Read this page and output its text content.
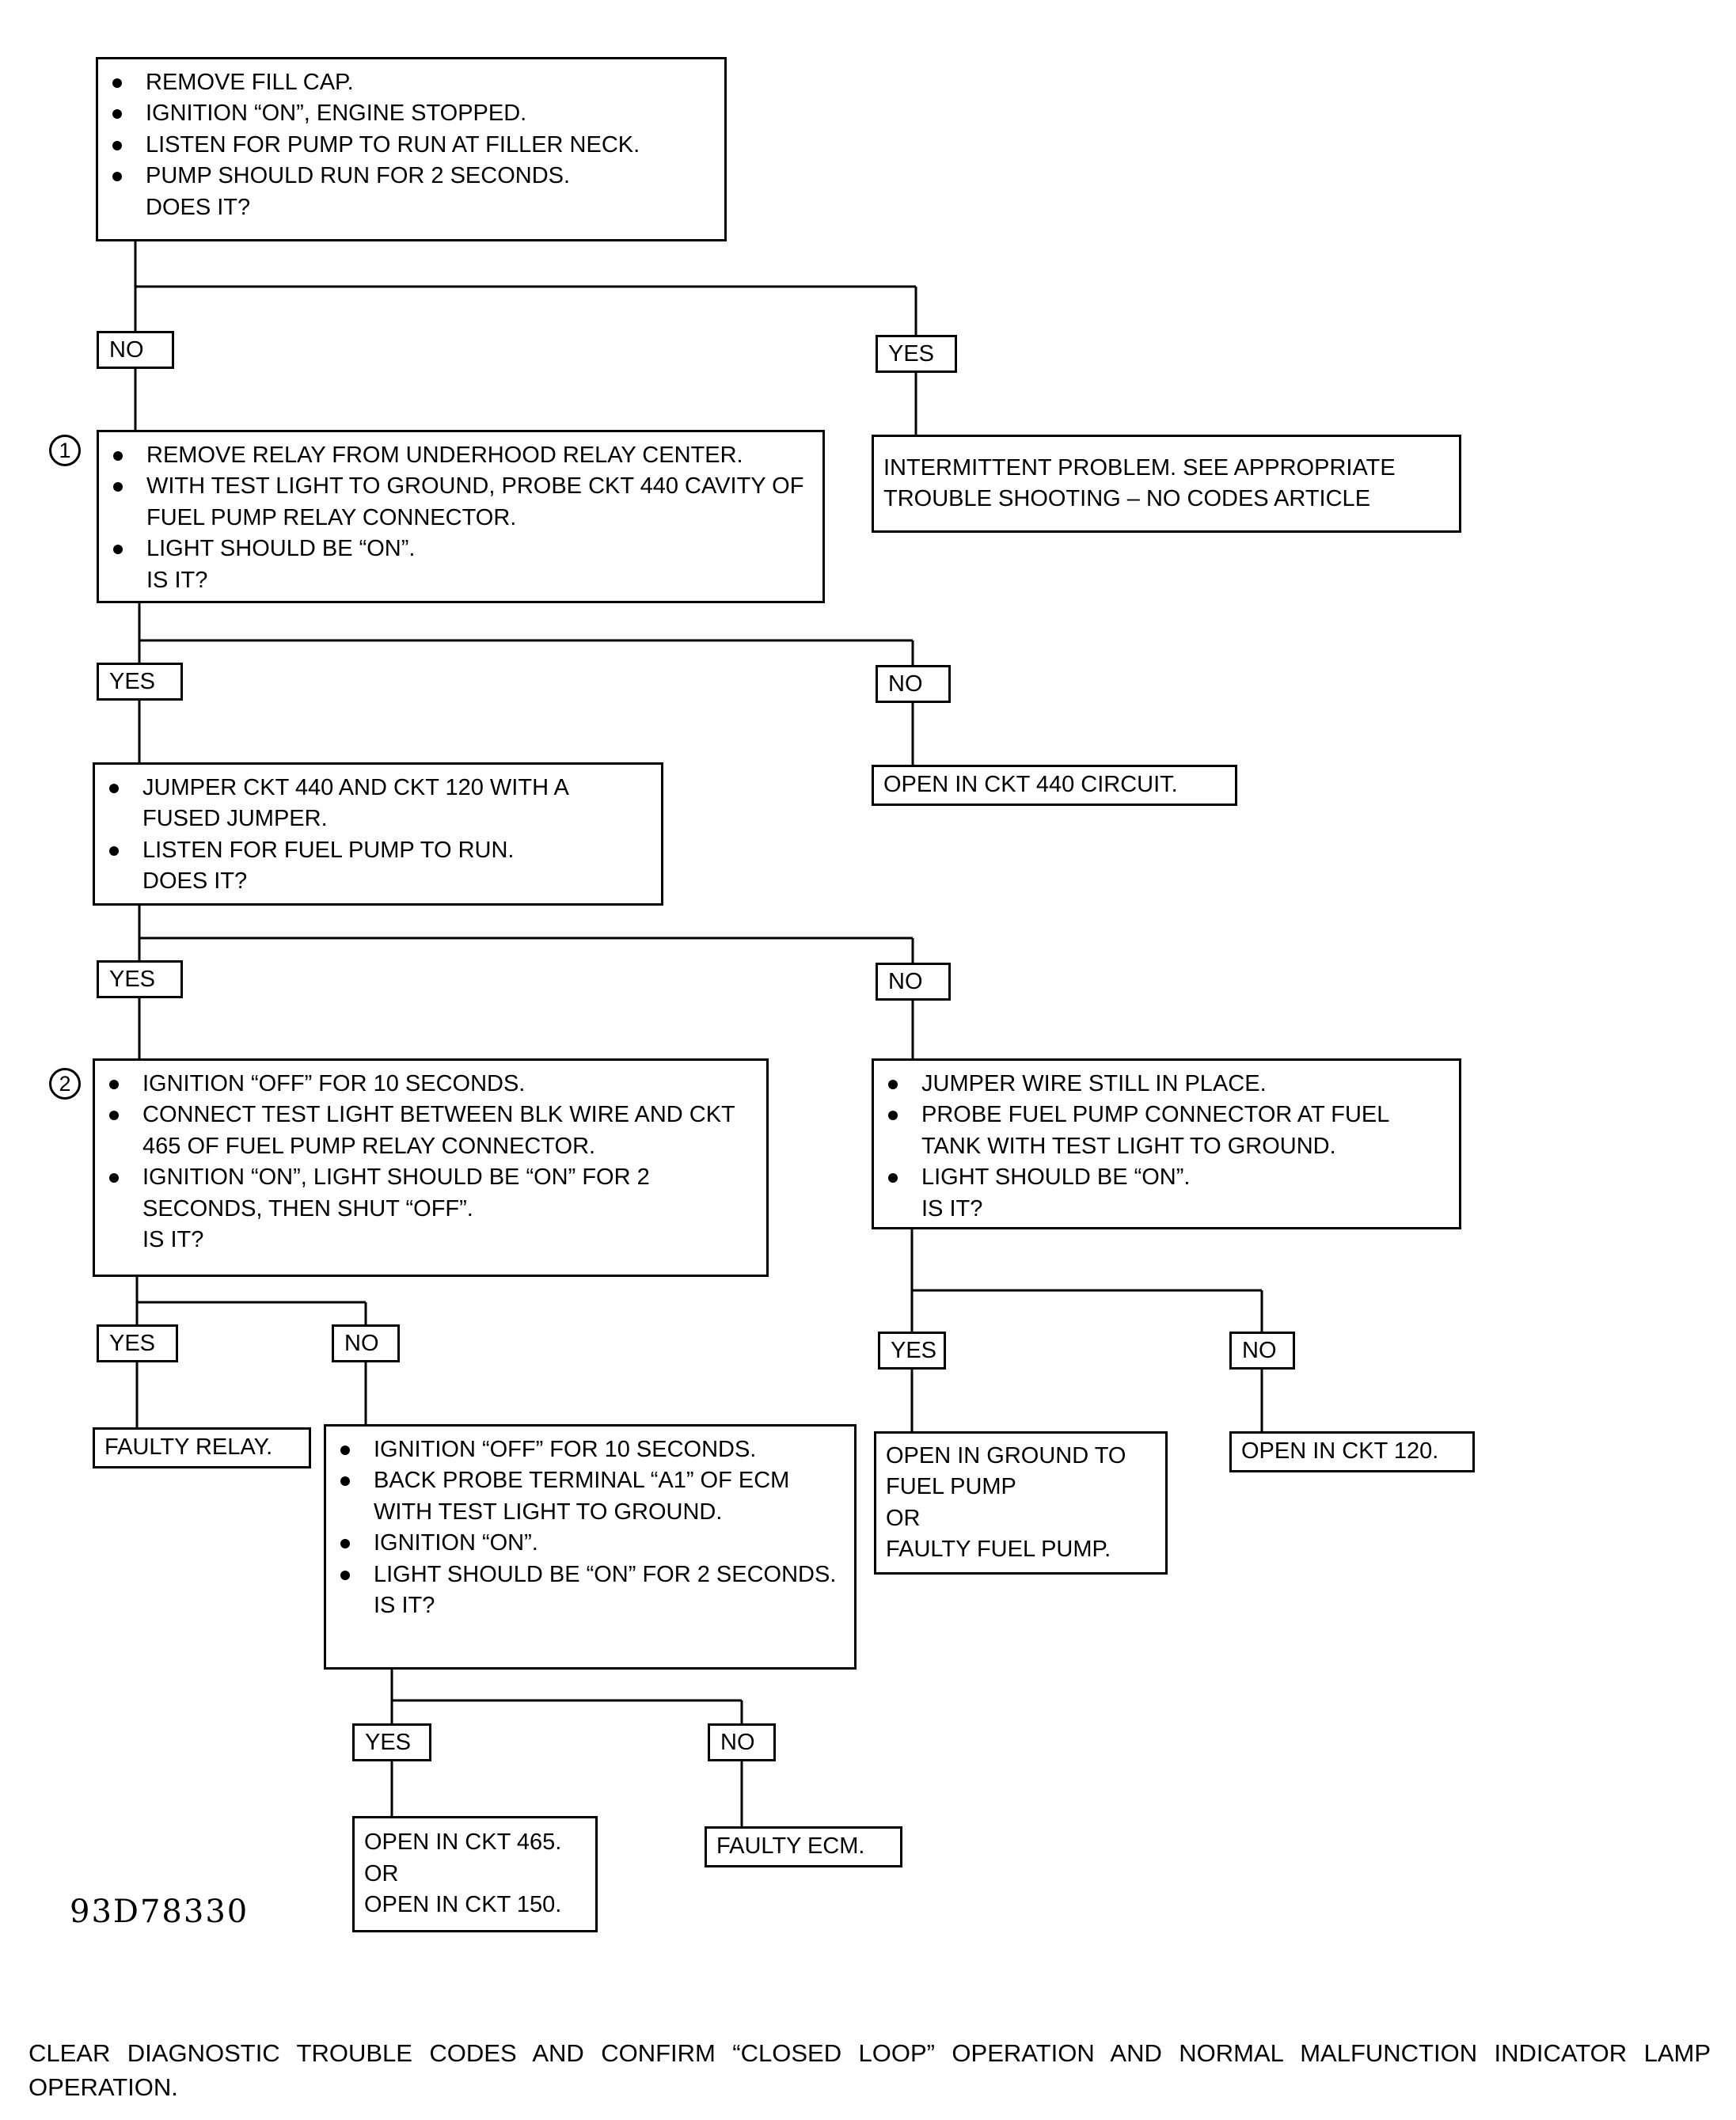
REMOVE FILL CAP.
IGNITION “ON”, ENGINE STOPPED.
LISTEN FOR PUMP TO RUN AT FILLER NECK.
PUMP SHOULD RUN FOR 2 SECONDS.
DOES IT?
NO	YES
1	REMOVE RELAY FROM UNDERHOOD RELAY CENTER.
WITH TEST LIGHT TO GROUND, PROBE CKT 440 CAVITY OF FUEL PUMP RELAY CONNECTOR.
LIGHT SHOULD BE “ON”.
IS IT?
INTERMITTENT PROBLEM. SEE APPROPRIATE
TROUBLE SHOOTING – NO CODES ARTICLE
YES	NO
OPEN IN CKT 440 CIRCUIT.
JUMPER CKT 440 AND CKT 120 WITH A FUSED JUMPER.
LISTEN FOR FUEL PUMP TO RUN.
DOES IT?
YES	NO
2	IGNITION “OFF” FOR 10 SECONDS.
CONNECT TEST LIGHT BETWEEN BLK WIRE AND CKT 465 OF FUEL PUMP RELAY CONNECTOR.
IGNITION “ON”, LIGHT SHOULD BE “ON” FOR 2 SECONDS, THEN SHUT “OFF”.
IS IT?
JUMPER WIRE STILL IN PLACE.
PROBE FUEL PUMP CONNECTOR AT FUEL TANK WITH TEST LIGHT TO GROUND.
LIGHT SHOULD BE “ON”.
IS IT?
YES	NO	YES	NO
FAULTY RELAY.	IGNITION “OFF” FOR 10 SECONDS.
BACK PROBE TERMINAL “A1” OF ECM WITH TEST LIGHT TO GROUND.
IGNITION “ON”.
LIGHT SHOULD BE “ON” FOR 2 SECONDS.
IS IT?
OPEN IN GROUND TO
FUEL PUMP
OR
FAULTY FUEL PUMP.
OPEN IN CKT 120.
YES	NO
OPEN IN CKT 465.
OR
OPEN IN CKT 150.
FAULTY ECM.
93D78330
CLEAR DIAGNOSTIC TROUBLE CODES AND CONFIRM “CLOSED LOOP” OPERATION AND NORMAL MALFUNCTION INDICATOR LAMP
OPERATION.
